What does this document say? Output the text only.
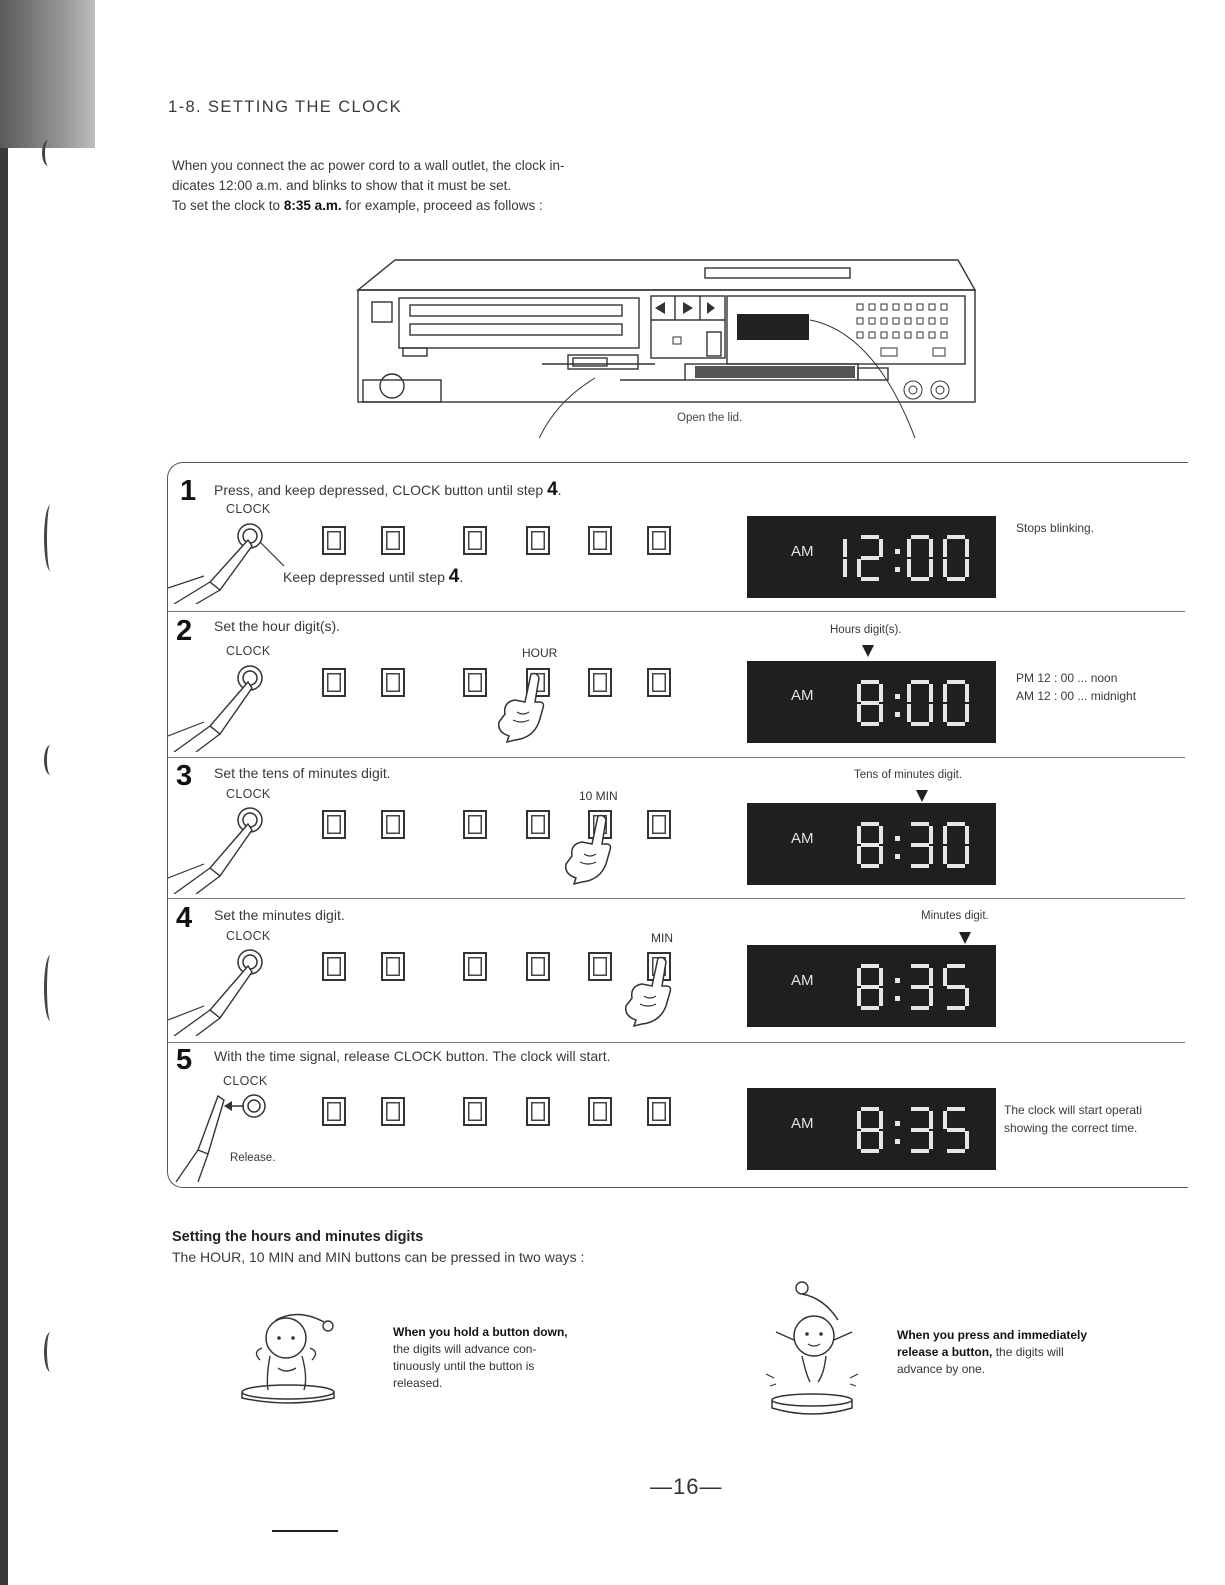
1-8. SETTING THE CLOCK
When you connect the ac power cord to a wall outlet, the clock in-
dicates 12:00 a.m. and blinks to show that it must be set.
To set the clock to 8:35 a.m. for example, proceed as follows :
Open the lid.
1 Press, and keep depressed, CLOCK button until step 4.
CLOCK
Keep depressed until step 4.
AM
Stops blinking.
2 Set the hour digit(s).
CLOCK	HOUR
Hours digit(s).
AM
PM 12 : 00 ... noon
AM 12 : 00 ... midnight
3 Set the tens of minutes digit.
CLOCK	10 MIN
Tens of minutes digit.
AM
4 Set the minutes digit.
CLOCK	MIN
Minutes digit.
AM
5 With the time signal, release CLOCK button. The clock will start.
CLOCK
Release.
AM
The clock will start operati
showing the correct time.
Setting the hours and minutes digits
The HOUR, 10 MIN and MIN buttons can be pressed in two ways :
When you hold a button down,
the digits will advance con-
tinuously until the button is
released.
When you press and immediately
release a button, the digits will
advance by one.
—16—
